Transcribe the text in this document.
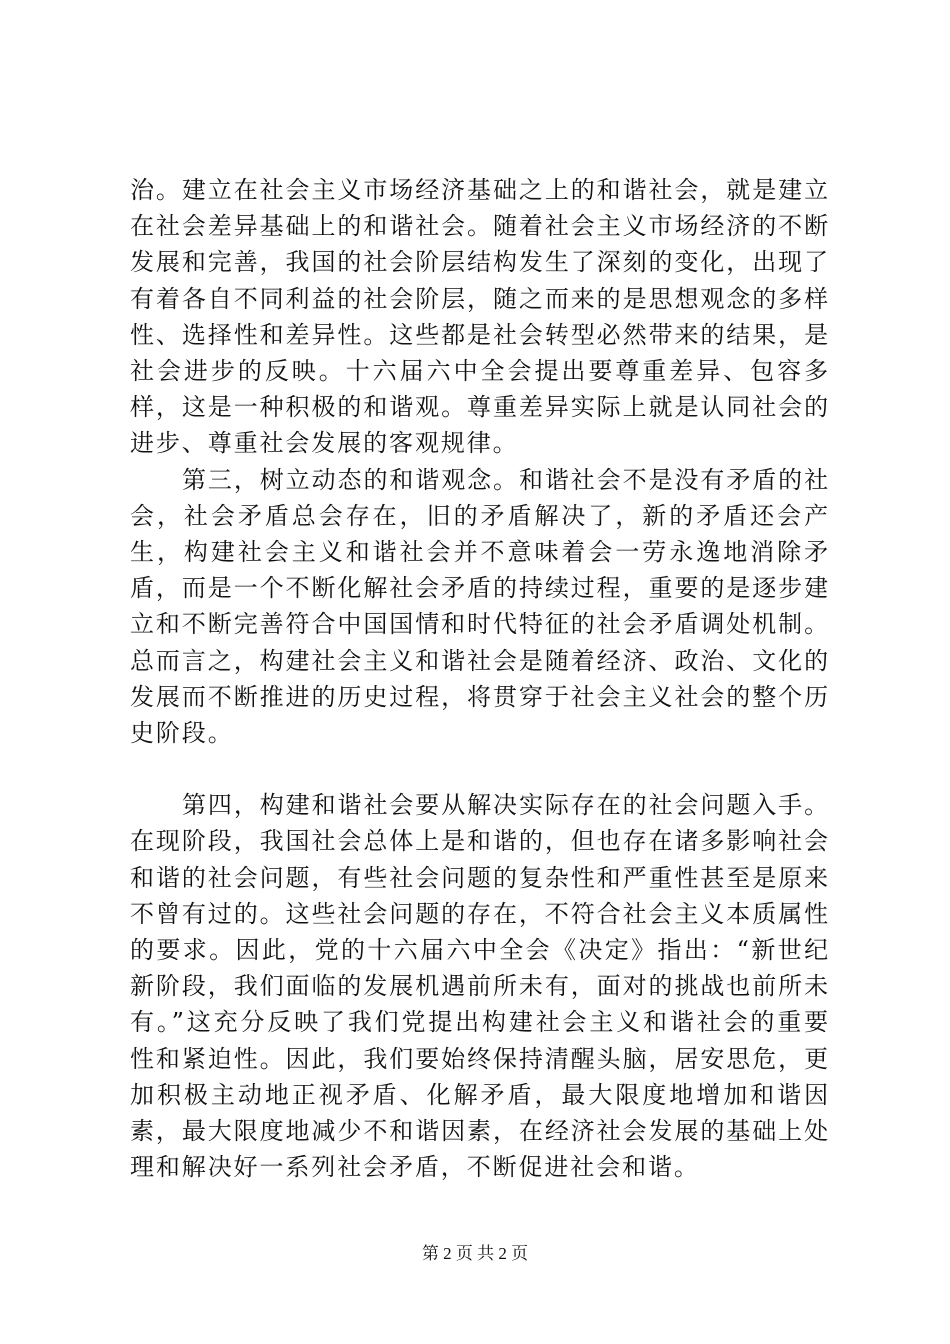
治。建立在社会主义市场经济基础之上的和谐社会，就是建立在社会差异基础上的和谐社会。随着社会主义市场经济的不断发展和完善，我国的社会阶层结构发生了深刻的变化，出现了有着各自不同利益的社会阶层，随之而来的是思想观念的多样性、选择性和差异性。这些都是社会转型必然带来的结果，是社会进步的反映。十六届六中全会提出要尊重差异、包容多样，这是一种积极的和谐观。尊重差异实际上就是认同社会的进步、尊重社会发展的客观规律。

第三，树立动态的和谐观念。和谐社会不是没有矛盾的社会，社会矛盾总会存在，旧的矛盾解决了，新的矛盾还会产生，构建社会主义和谐社会并不意味着会一劳永逸地消除矛盾，而是一个不断化解社会矛盾的持续过程，重要的是逐步建立和不断完善符合中国国情和时代特征的社会矛盾调处机制。总而言之，构建社会主义和谐社会是随着经济、政治、文化的发展而不断推进的历史过程，将贯穿于社会主义社会的整个历史阶段。

第四，构建和谐社会要从解决实际存在的社会问题入手。在现阶段，我国社会总体上是和谐的，但也存在诸多影响社会和谐的社会问题，有些社会问题的复杂性和严重性甚至是原来不曾有过的。这些社会问题的存在，不符合社会主义本质属性的要求。因此，党的十六届六中全会《决定》指出：“新世纪新阶段，我们面临的发展机遇前所未有，面对的挑战也前所未有。”这充分反映了我们党提出构建社会主义和谐社会的重要性和紧迫性。因此，我们要始终保持清醒头脑，居安思危，更加积极主动地正视矛盾、化解矛盾，最大限度地增加和谐因素，最大限度地减少不和谐因素，在经济社会发展的基础上处理和解决好一系列社会矛盾，不断促进社会和谐。

第 2 页 共 2 页
